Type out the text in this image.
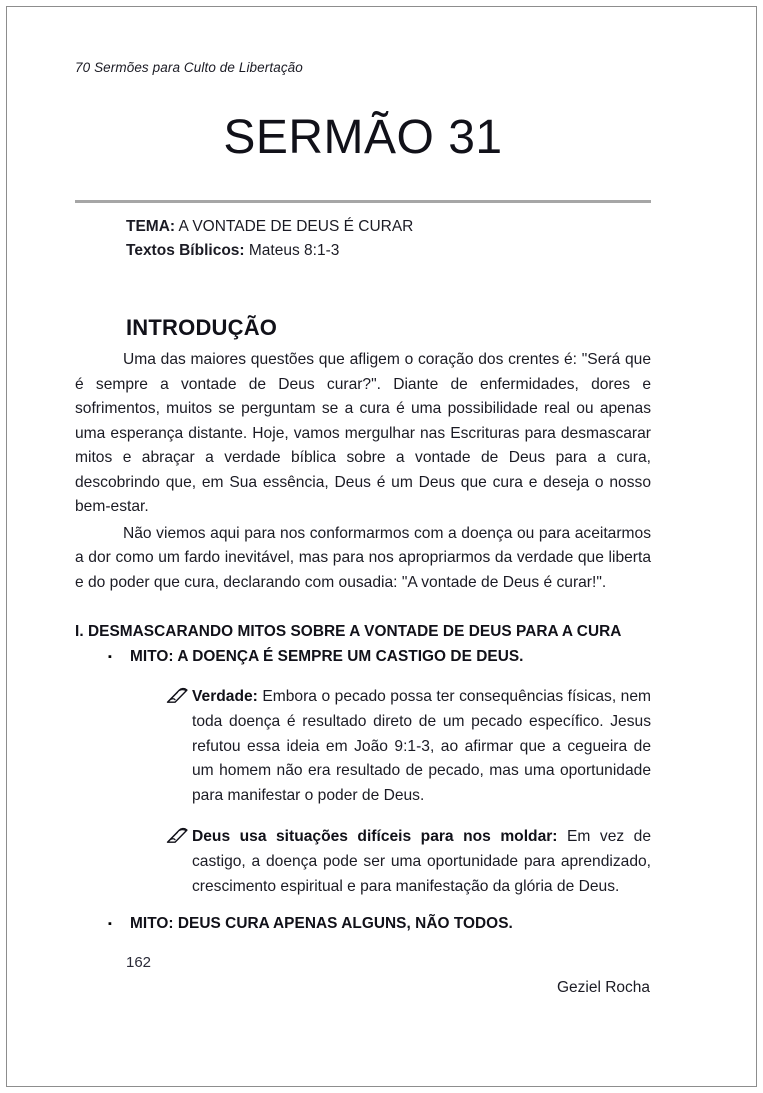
70 Sermões para Culto de Libertação
SERMÃO 31
TEMA: A VONTADE DE DEUS É CURAR
Textos Bíblicos: Mateus 8:1-3
INTRODUÇÃO

Uma das maiores questões que afligem o coração dos crentes é: "Será que é sempre a vontade de Deus curar?". Diante de enfermidades, dores e sofrimentos, muitos se perguntam se a cura é uma possibilidade real ou apenas uma esperança distante. Hoje, vamos mergulhar nas Escrituras para desmascarar mitos e abraçar a verdade bíblica sobre a vontade de Deus para a cura, descobrindo que, em Sua essência, Deus é um Deus que cura e deseja o nosso bem-estar.

Não viemos aqui para nos conformarmos com a doença ou para aceitarmos a dor como um fardo inevitável, mas para nos apropriarmos da verdade que liberta e do poder que cura, declarando com ousadia: "A vontade de Deus é curar!".

I. DESMASCARANDO MITOS SOBRE A VONTADE DE DEUS PARA A CURA
▪	MITO: A DOENÇA É SEMPRE UM CASTIGO DE DEUS.
Verdade: Embora o pecado possa ter consequências físicas, nem toda doença é resultado direto de um pecado específico. Jesus refutou essa ideia em João 9:1-3, ao afirmar que a cegueira de um homem não era resultado de pecado, mas uma oportunidade para manifestar o poder de Deus.
Deus usa situações difíceis para nos moldar: Em vez de castigo, a doença pode ser uma oportunidade para aprendizado, crescimento espiritual e para manifestação da glória de Deus.
▪	MITO: DEUS CURA APENAS ALGUNS, NÃO TODOS.
162
Geziel Rocha
